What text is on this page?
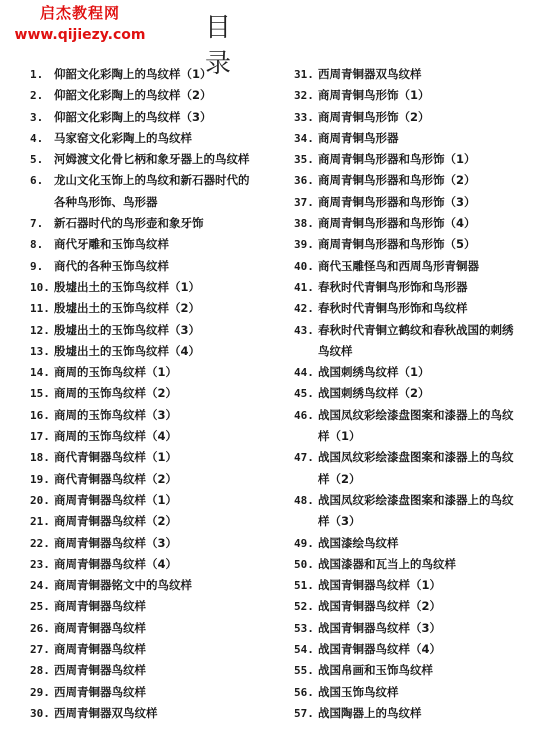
启杰教程网
www.qijiezy.com	目 录
1. 仰韶文化彩陶上的鸟纹样（1）
2. 仰韶文化彩陶上的鸟纹样（2）
3. 仰韶文化彩陶上的鸟纹样（3）
4. 马家窑文化彩陶上的鸟纹样
5. 河姆渡文化骨匕柄和象牙器上的鸟纹样
6. 龙山文化玉饰上的鸟纹和新石器时代的
各种鸟形饰、鸟形器
7. 新石器时代的鸟形壶和象牙饰
8. 商代牙雕和玉饰鸟纹样
9. 商代的各种玉饰鸟纹样
10. 殷墟出土的玉饰鸟纹样（1）
11. 殷墟出土的玉饰鸟纹样（2）
12. 殷墟出土的玉饰鸟纹样（3）
13. 殷墟出土的玉饰鸟纹样（4）
14. 商周的玉饰鸟纹样（1）
15. 商周的玉饰鸟纹样（2）
16. 商周的玉饰鸟纹样（3）
17. 商周的玉饰鸟纹样（4）
18. 商代青铜器鸟纹样（1）
19. 商代青铜器鸟纹样（2）
20. 商周青铜器鸟纹样（1）
21. 商周青铜器鸟纹样（2）
22. 商周青铜器鸟纹样（3）
23. 商周青铜器鸟纹样（4）
24. 商周青铜器铭文中的鸟纹样
25. 商周青铜器鸟纹样
26. 商周青铜器鸟纹样
27. 商周青铜器鸟纹样
28. 西周青铜器鸟纹样
29. 西周青铜器鸟纹样
30. 西周青铜器双鸟纹样
31. 西周青铜器双鸟纹样
32. 商周青铜鸟形饰（1）
33. 商周青铜鸟形饰（2）
34. 商周青铜鸟形器
35. 商周青铜鸟形器和鸟形饰（1）
36. 商周青铜鸟形器和鸟形饰（2）
37. 商周青铜鸟形器和鸟形饰（3）
38. 商周青铜鸟形器和鸟形饰（4）
39. 商周青铜鸟形器和鸟形饰（5）
40. 商代玉雕怪鸟和西周鸟形青铜器
41. 春秋时代青铜鸟形饰和鸟形器
42. 春秋时代青铜鸟形饰和鸟纹样
43. 春秋时代青铜立鹤纹和春秋战国的刺绣
鸟纹样
44. 战国刺绣鸟纹样（1）
45. 战国刺绣鸟纹样（2）
46. 战国凤纹彩绘漆盘图案和漆器上的鸟纹
样（1）
47. 战国凤纹彩绘漆盘图案和漆器上的鸟纹
样（2）
48. 战国凤纹彩绘漆盘图案和漆器上的鸟纹
样（3）
49. 战国漆绘鸟纹样
50. 战国漆器和瓦当上的鸟纹样
51. 战国青铜器鸟纹样（1）
52. 战国青铜器鸟纹样（2）
53. 战国青铜器鸟纹样（3）
54. 战国青铜器鸟纹样（4）
55. 战国帛画和玉饰鸟纹样
56. 战国玉饰鸟纹样
57. 战国陶器上的鸟纹样
